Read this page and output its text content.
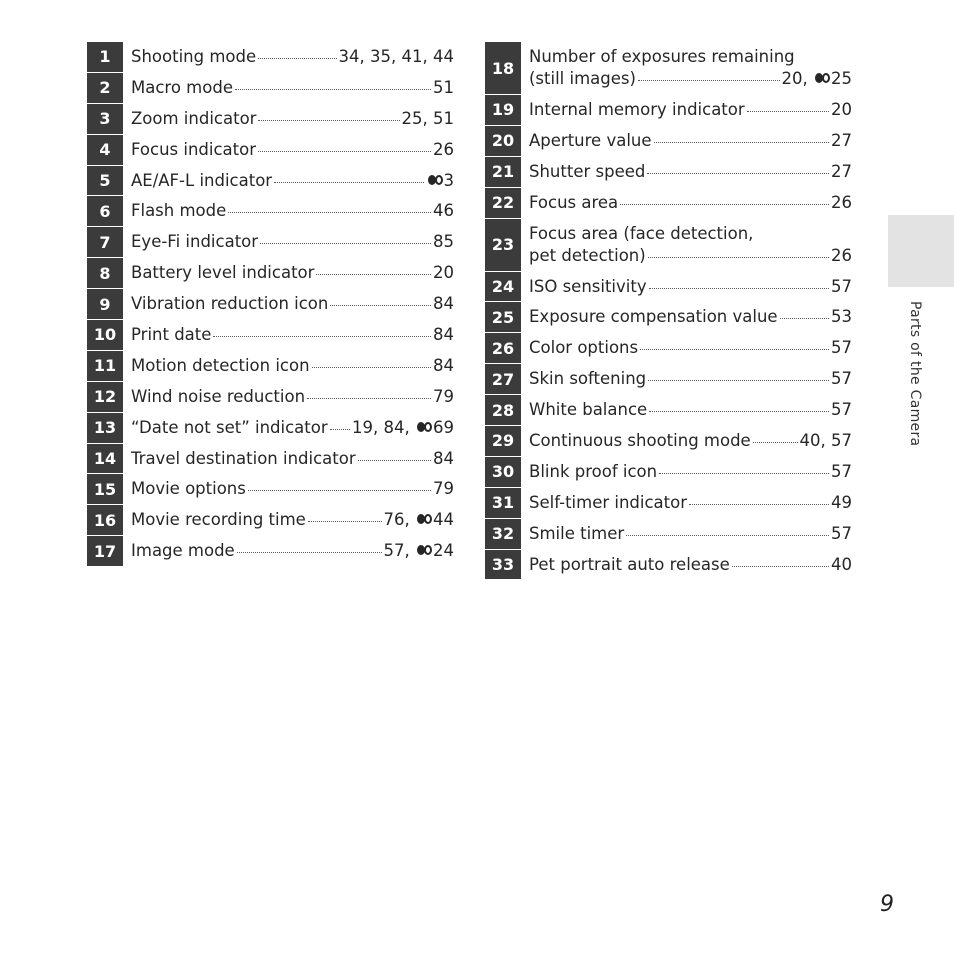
1	Shooting mode	34, 35, 41, 44
2	Macro mode	51
3	Zoom indicator	25, 51
4	Focus indicator	26
5	AE/AF-L indicator	3
6	Flash mode	46
7	Eye-Fi indicator	85
8	Battery level indicator	20
9	Vibration reduction icon	84
10 Print date	84
11 Motion detection icon	84
12 Wind noise reduction	79
13 “Date not set” indicator 19, 84, 69
14 Travel destination indicator	84
15 Movie options	79
16 Movie recording time	76, 44
17 Image mode	57, 24
18
Number of exposures remaining
(still images)	20, 25
19 Internal memory indicator	20
20 Aperture value	27
21 Shutter speed	27
22 Focus area	26
23
Focus area (face detection,
pet detection)	26
24 ISO sensitivity	57
25 Exposure compensation value	53
26 Color options	57
27 Skin softening	57
28 White balance	57
29 Continuous shooting mode	40, 57
30 Blink proof icon	57
31 Self-timer indicator	49
32 Smile timer	57
33 Pet portrait auto release	40
Parts of the Camera
9
